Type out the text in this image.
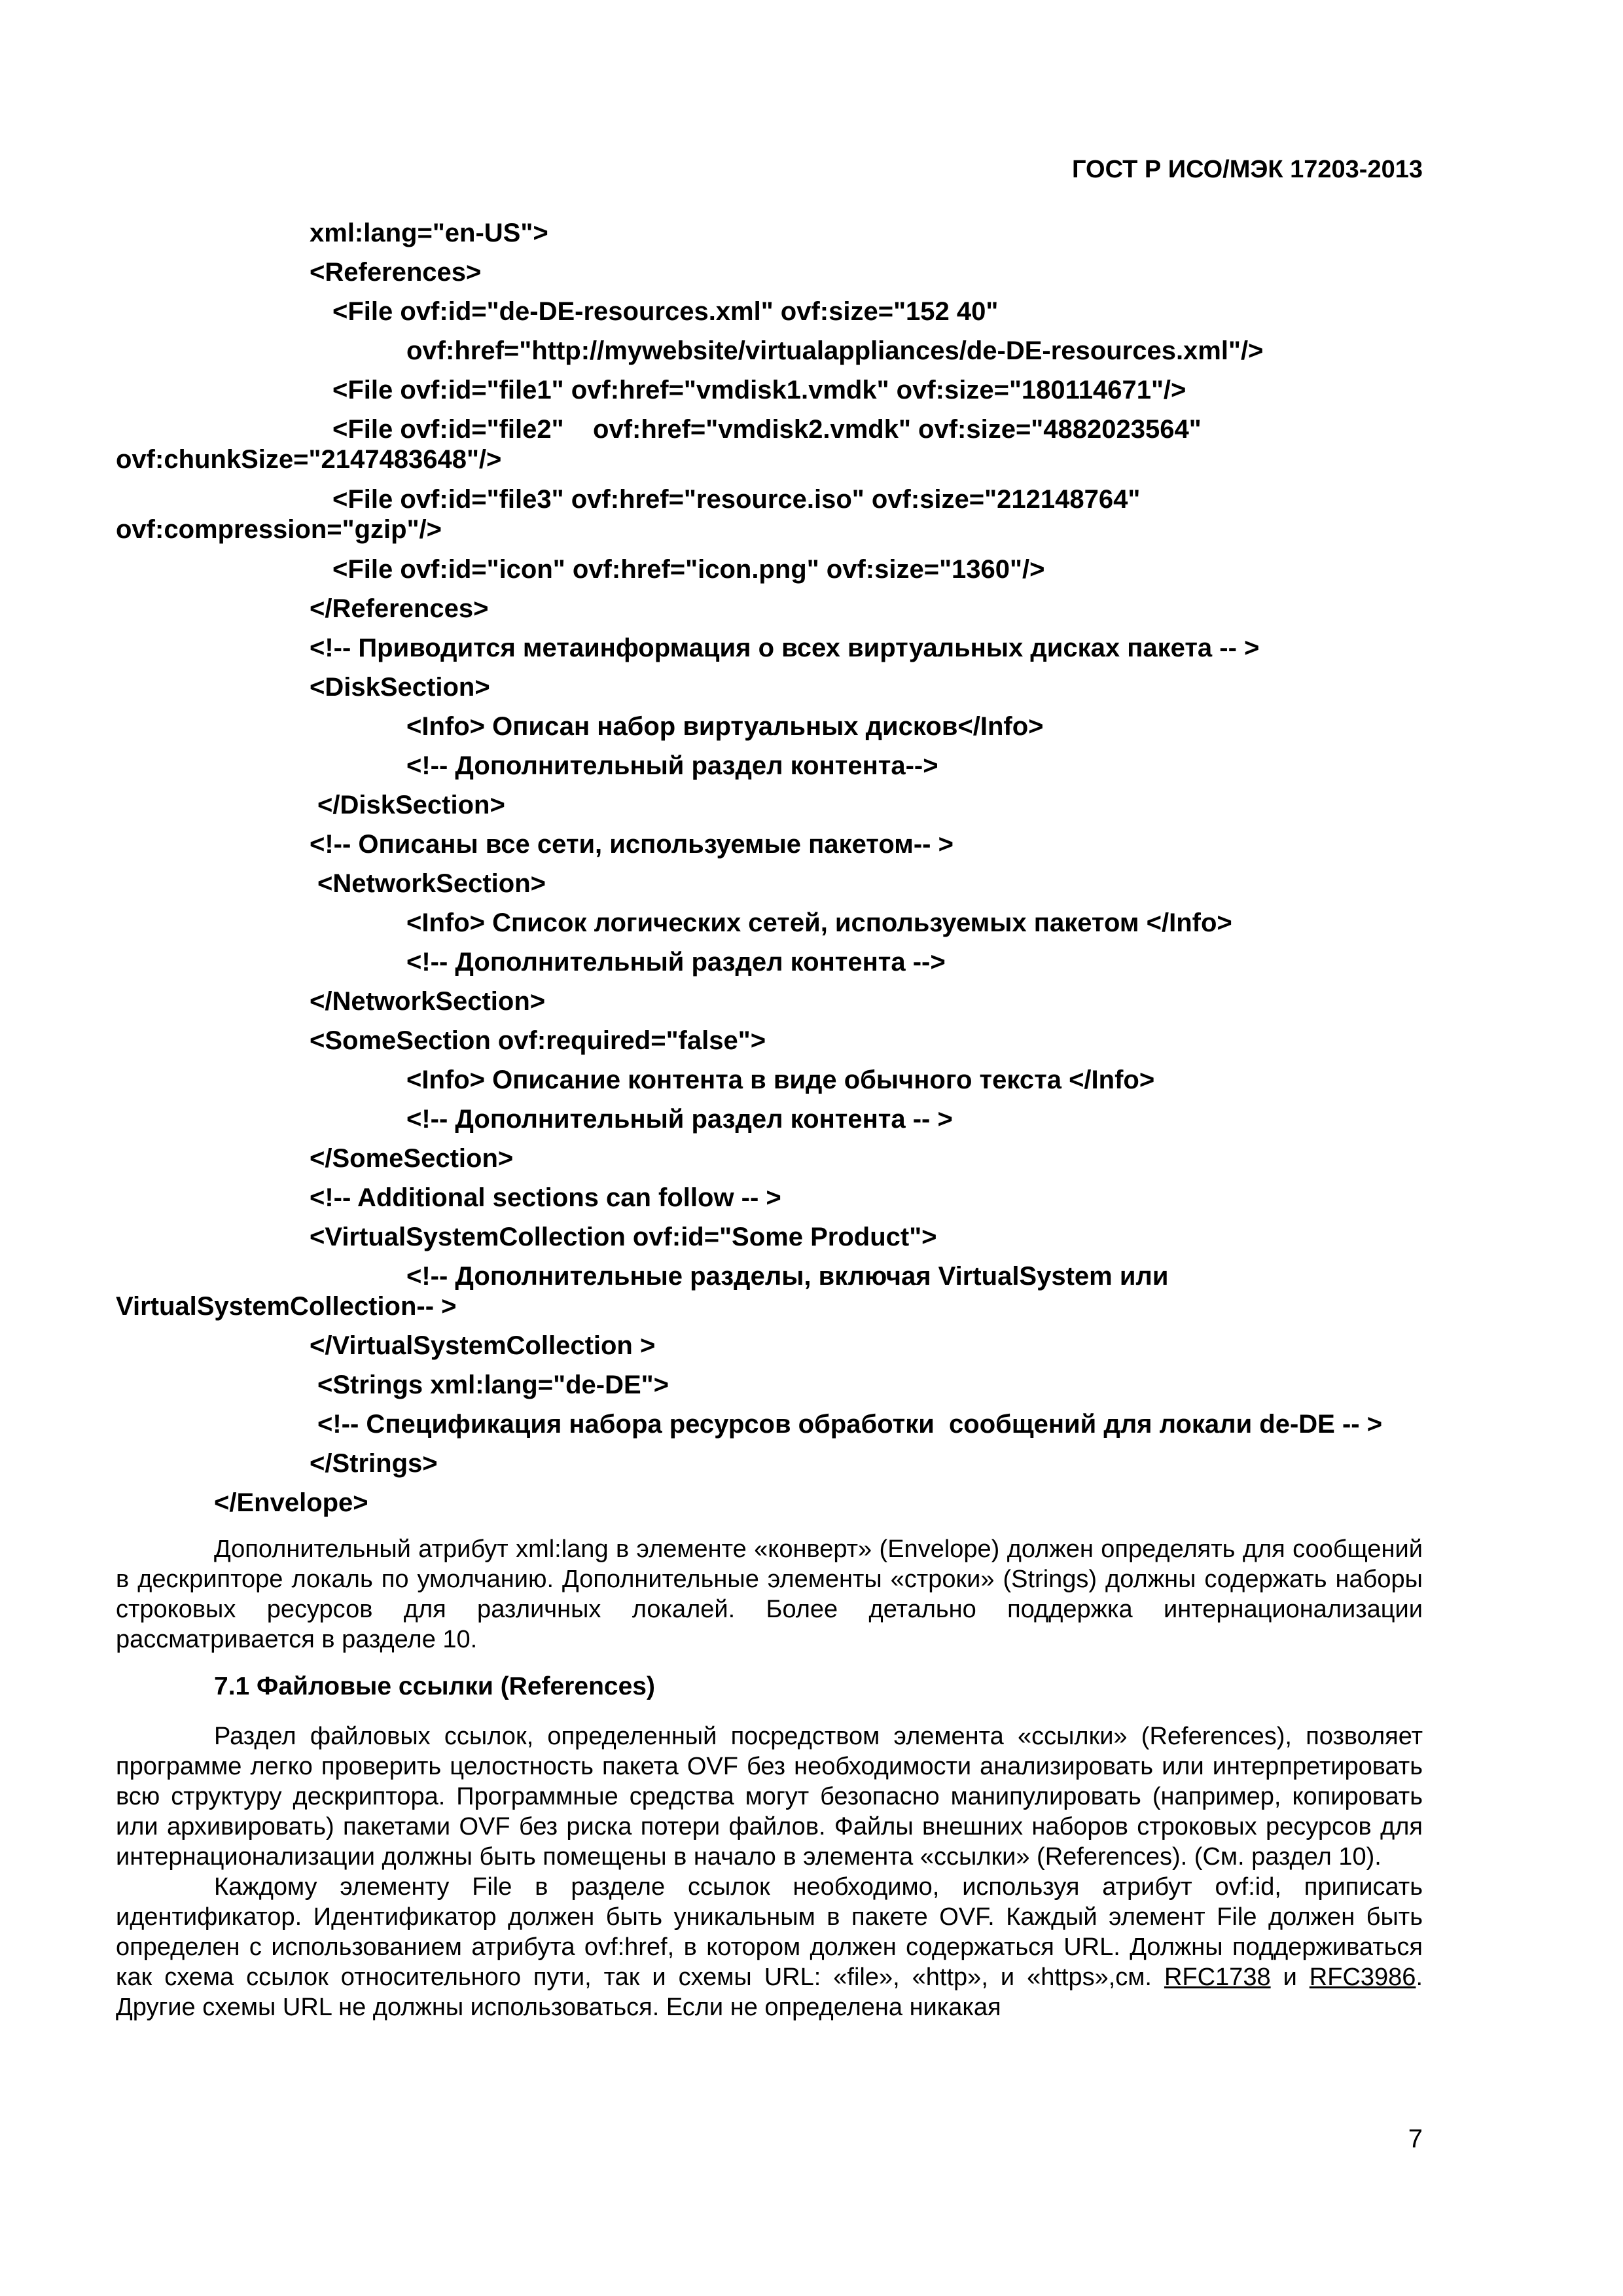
ГОСТ Р ИСО/МЭК 17203-2013
xml:lang="en-US">
<References>
<File ovf:id="de-DE-resources.xml" ovf:size="152 40"
ovf:href="http://mywebsite/virtualappliances/de-DE-resources.xml"/>
<File ovf:id="file1" ovf:href="vmdisk1.vmdk" ovf:size="180114671"/>
<File ovf:id="file2"    ovf:href="vmdisk2.vmdk" ovf:size="4882023564"
ovf:chunkSize="2147483648"/>
<File ovf:id="file3" ovf:href="resource.iso" ovf:size="212148764"
ovf:compression="gzip"/>
<File ovf:id="icon" ovf:href="icon.png" ovf:size="1360"/>
</References>
<!-- Приводится метаинформация о всех виртуальных дисках пакета -- >
<DiskSection>
<Info> Описан набор виртуальных дисков</Info>
<!-- Дополнительный раздел контента-->
</DiskSection>
<!-- Описаны все сети, используемые пакетом-- >
<NetworkSection>
<Info> Список логических сетей, используемых пакетом </Info>
<!-- Дополнительный раздел контента -->
</NetworkSection>
<SomeSection ovf:required="false">
<Info> Описание контента в виде обычного текста </Info>
<!-- Дополнительный раздел контента -- >
</SomeSection>
<!-- Additional sections can follow -- >
<VirtualSystemCollection ovf:id="Some Product">
<!-- Дополнительные разделы, включая VirtualSystem или
VirtualSystemCollection-- >
</VirtualSystemCollection >
<Strings xml:lang="de-DE">
<!-- Спецификация набора ресурсов обработки  сообщений для локали de-DE -- >
</Strings>
</Envelope>

Дополнительный атрибут xml:lang в элементе «конверт» (Envelope) должен определять для сообщений в дескрипторе локаль по умолчанию. Дополнительные элементы «строки» (Strings) должны содержать наборы строковых ресурсов для различных локалей. Более детально поддержка интернационализации рассматривается в разделе 10.

7.1 Файловые ссылки (References)

Раздел файловых ссылок, определенный посредством элемента «ссылки» (References), позволяет программе легко проверить целостность пакета OVF без необходимости анализировать или интерпретировать всю структуру дескриптора. Программные средства могут безопасно манипулировать (например, копировать или архивировать) пакетами OVF без риска потери файлов. Файлы внешних наборов строковых ресурсов для интернационализации должны быть помещены в начало в элемента «ссылки» (References). (См. раздел 10).

Каждому элементу File в разделе ссылок необходимо, используя атрибут ovf:id, приписать идентификатор. Идентификатор должен быть уникальным в пакете OVF. Каждый элемент File должен быть определен с использованием атрибута ovf:href, в котором должен содержаться URL. Должны поддерживаться как схема ссылок относительного пути, так и схемы URL: «file», «http», и «https»,см. RFC1738 и RFC3986. Другие схемы URL не должны использоваться. Если не определена никакая

7
